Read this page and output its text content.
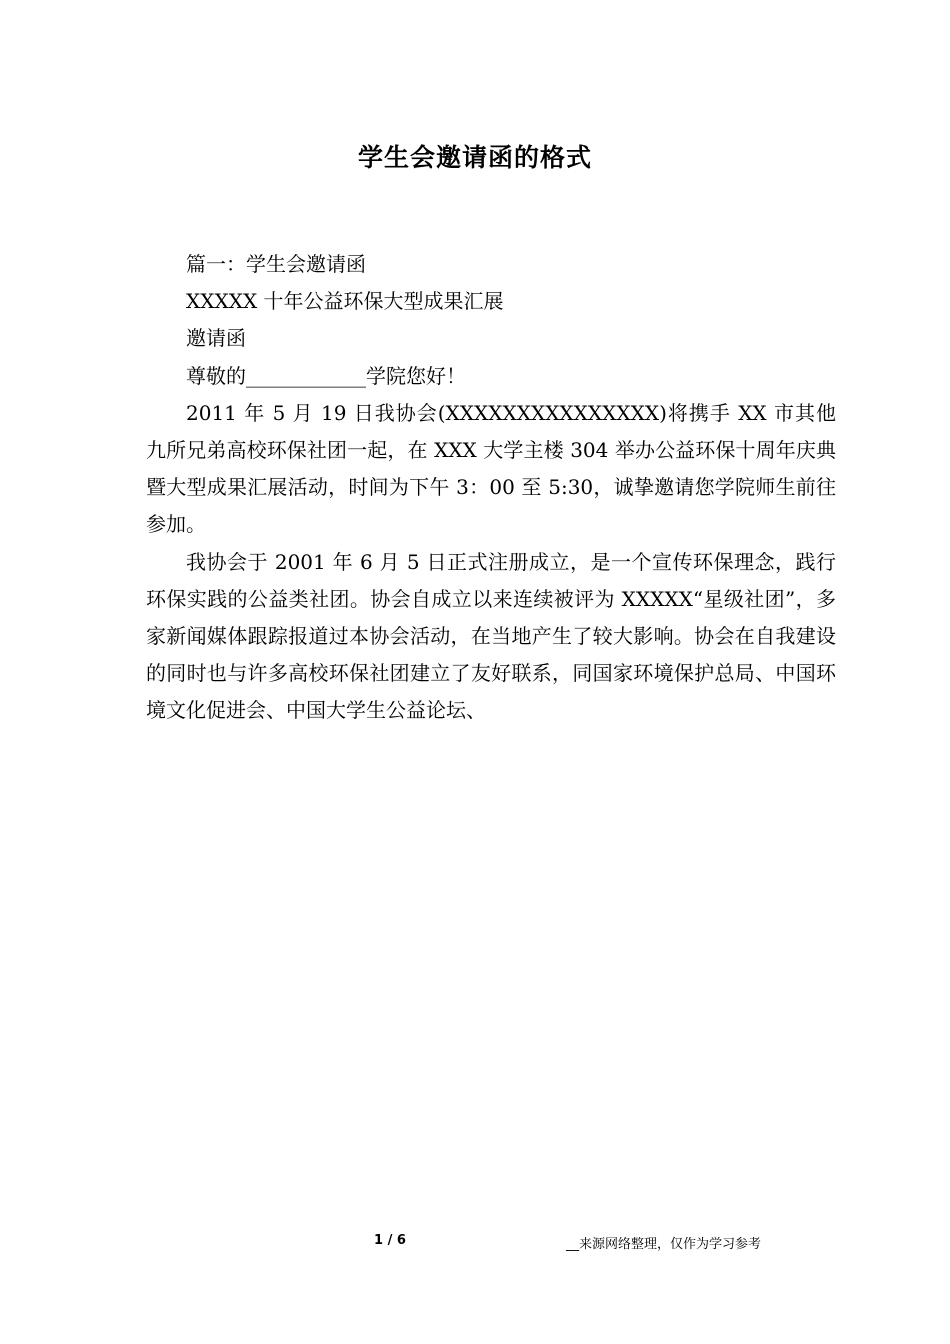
学生会邀请函的格式

篇一：学生会邀请函

XXXXX 十年公益环保大型成果汇展

邀请函

尊敬的____________学院您好！

2011 年 5 月 19 日我协会(XXXXXXXXXXXXXXX)将携手 XX 市其他九所兄弟高校环保社团一起，在 XXX 大学主楼 304 举办公益环保十周年庆典暨大型成果汇展活动，时间为下午 3：00 至 5:30，诚挚邀请您学院师生前往参加。

我协会于 2001 年 6 月 5 日正式注册成立，是一个宣传环保理念，践行环保实践的公益类社团。协会自成立以来连续被评为 XXXXX“星级社团”，多家新闻媒体跟踪报道过本协会活动，在当地产生了较大影响。协会在自我建设的同时也与许多高校环保社团建立了友好联系，同国家环境保护总局、中国环境文化促进会、中国大学生公益论坛、

1 / 6	__来源网络整理，仅作为学习参考
